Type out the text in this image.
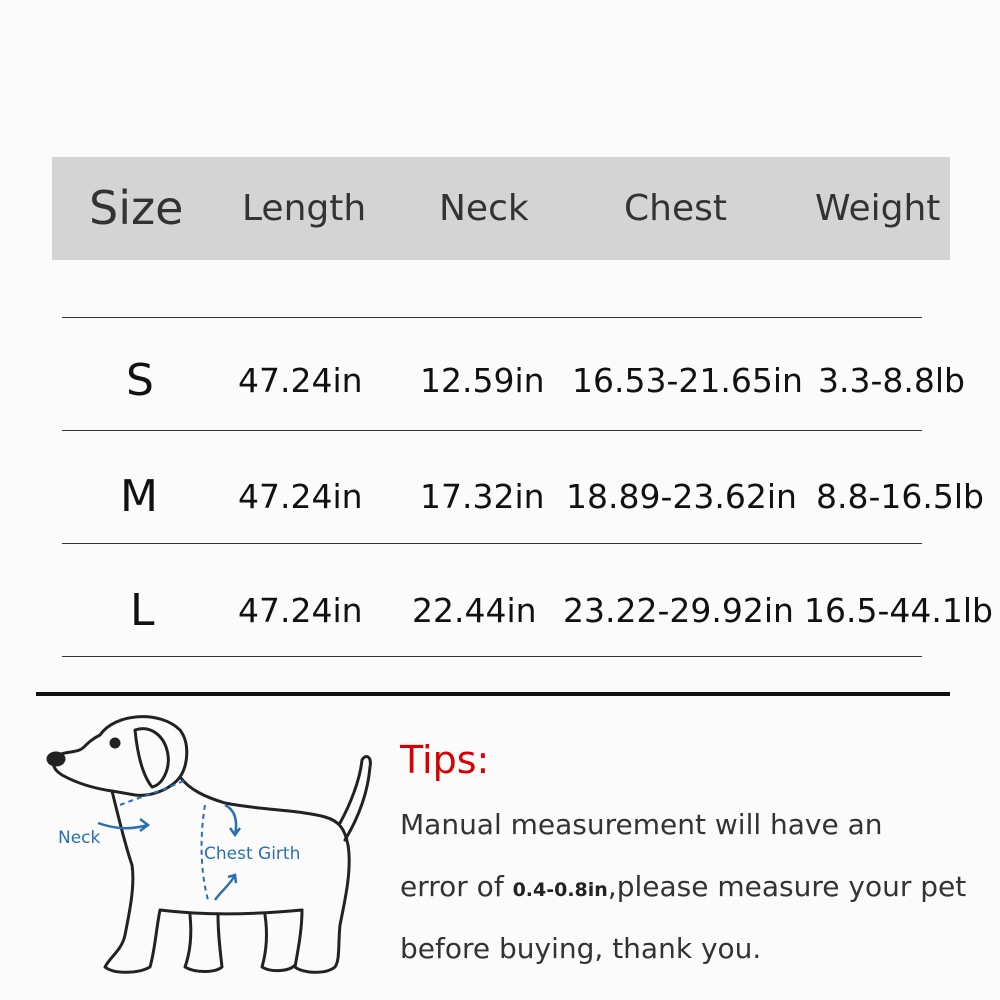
Size Length Neck	Chest Weight
S	47.24in 12.59in 16.53-21.65in 3.3-8.8lb
M 47.24in 17.32in 18.89-23.62in 8.8-16.5lb
L	47.24in 22.44in 23.22-29.92in 16.5-44.1lb
Neck
Chest Girth
Tips:
Manual measurement will have an
error of 0.4-0.8in,please measure your pet
before buying, thank you.
